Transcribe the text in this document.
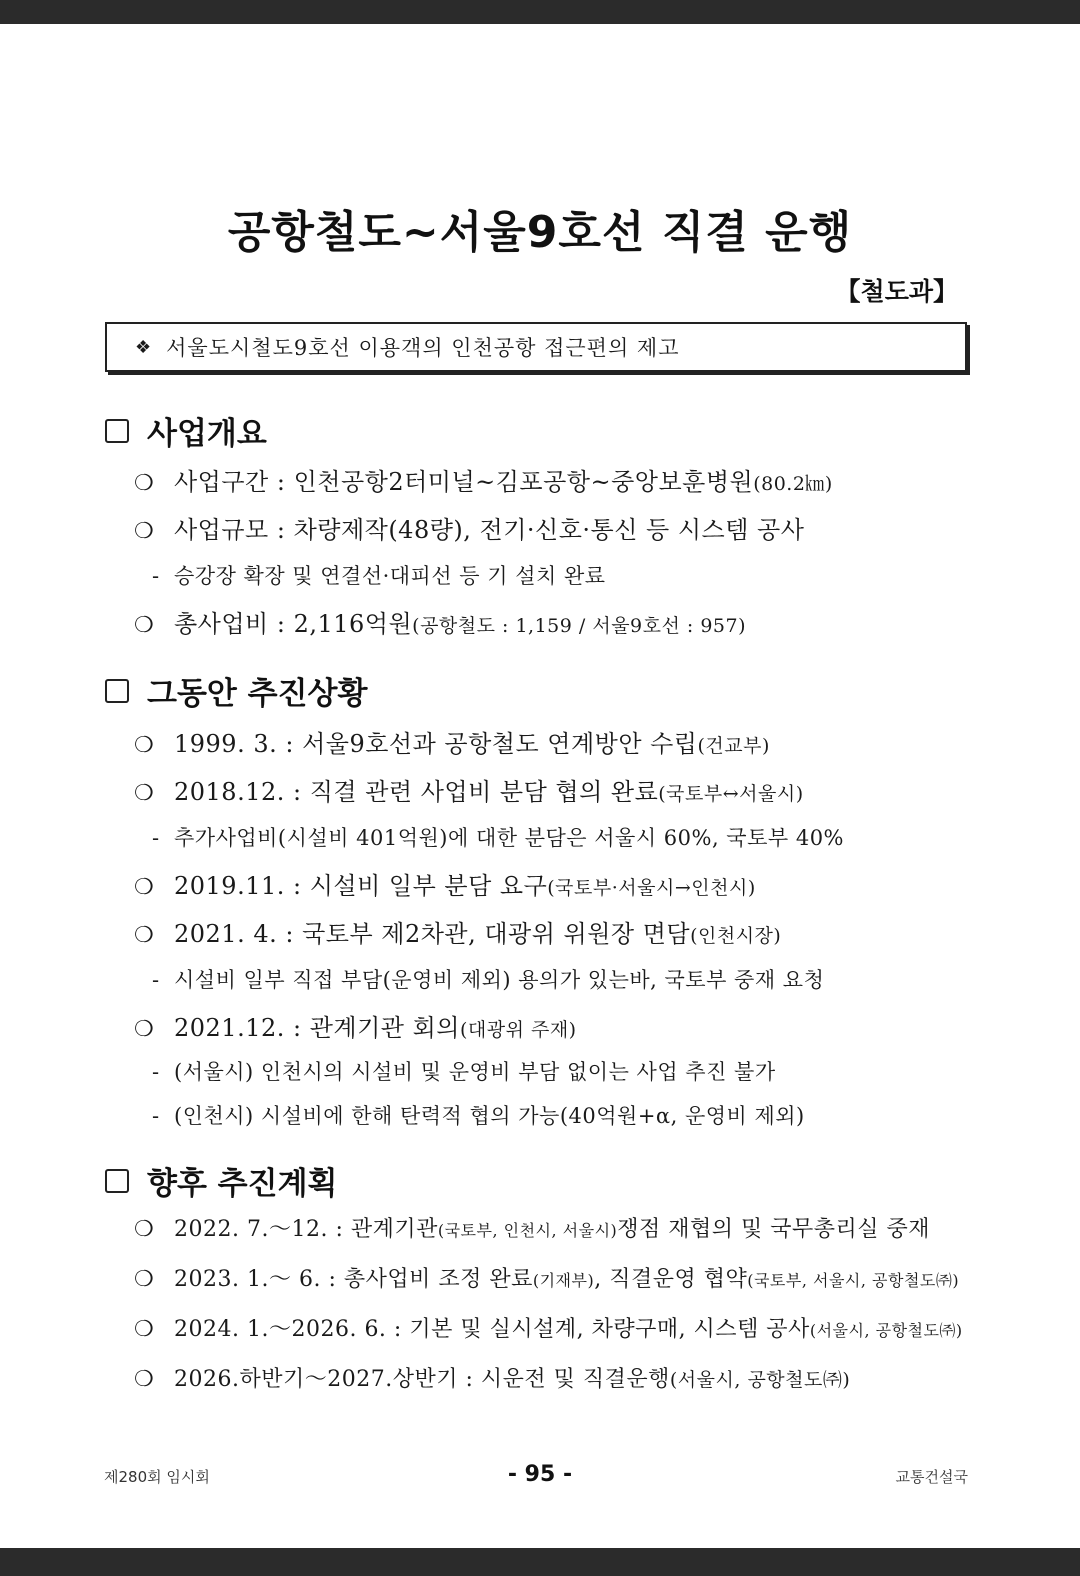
공항철도~서울9호선 직결 운행
【철도과】
❖ 서울도시철도9호선 이용객의 인천공항 접근편의 제고
사업개요
❍ 사업구간 : 인천공항2터미널~김포공항~중앙보훈병원 (80.2㎞)
❍ 사업규모 : 차량제작(48량), 전기·신호·통신 등 시스템 공사
- 승강장 확장 및 연결선·대피선 등 기 설치 완료
❍ 총사업비 : 2,116억원 (공항철도 : 1,159 / 서울9호선 : 957)
그동안 추진상황
❍ 1999. 3. : 서울9호선과 공항철도 연계방안 수립 (건교부)
❍ 2018.12. : 직결 관련 사업비 분담 협의 완료 (국토부↔서울시)
- 추가사업비(시설비 401억원)에 대한 분담은 서울시 60%, 국토부 40%
❍ 2019.11. : 시설비 일부 분담 요구 (국토부·서울시→인천시)
❍ 2021. 4. : 국토부 제2차관, 대광위 위원장 면담 (인천시장)
- 시설비 일부 직접 부담(운영비 제외) 용의가 있는바, 국토부 중재 요청
❍ 2021.12. : 관계기관 회의 (대광위 주재)
- (서울시) 인천시의 시설비 및 운영비 부담 없이는 사업 추진 불가
- (인천시) 시설비에 한해 탄력적 협의 가능(40억원+α, 운영비 제외)
향후 추진계획
❍ 2022. 7.～12. : 관계기관 (국토부, 인천시, 서울시) 쟁점 재협의 및 국무총리실 중재
❍ 2023. 1.～ 6. : 총사업비 조정 완료 (기재부) , 직결운영 협약 (국토부, 서울시, 공항철도㈜)
❍ 2024. 1.～2026. 6. : 기본 및 실시설계, 차량구매, 시스템 공사 (서울시, 공항철도㈜)
❍ 2026.하반기～2027.상반기 : 시운전 및 직결운행 (서울시, 공항철도㈜)
제280회 임시회	- 95 -	교통건설국
